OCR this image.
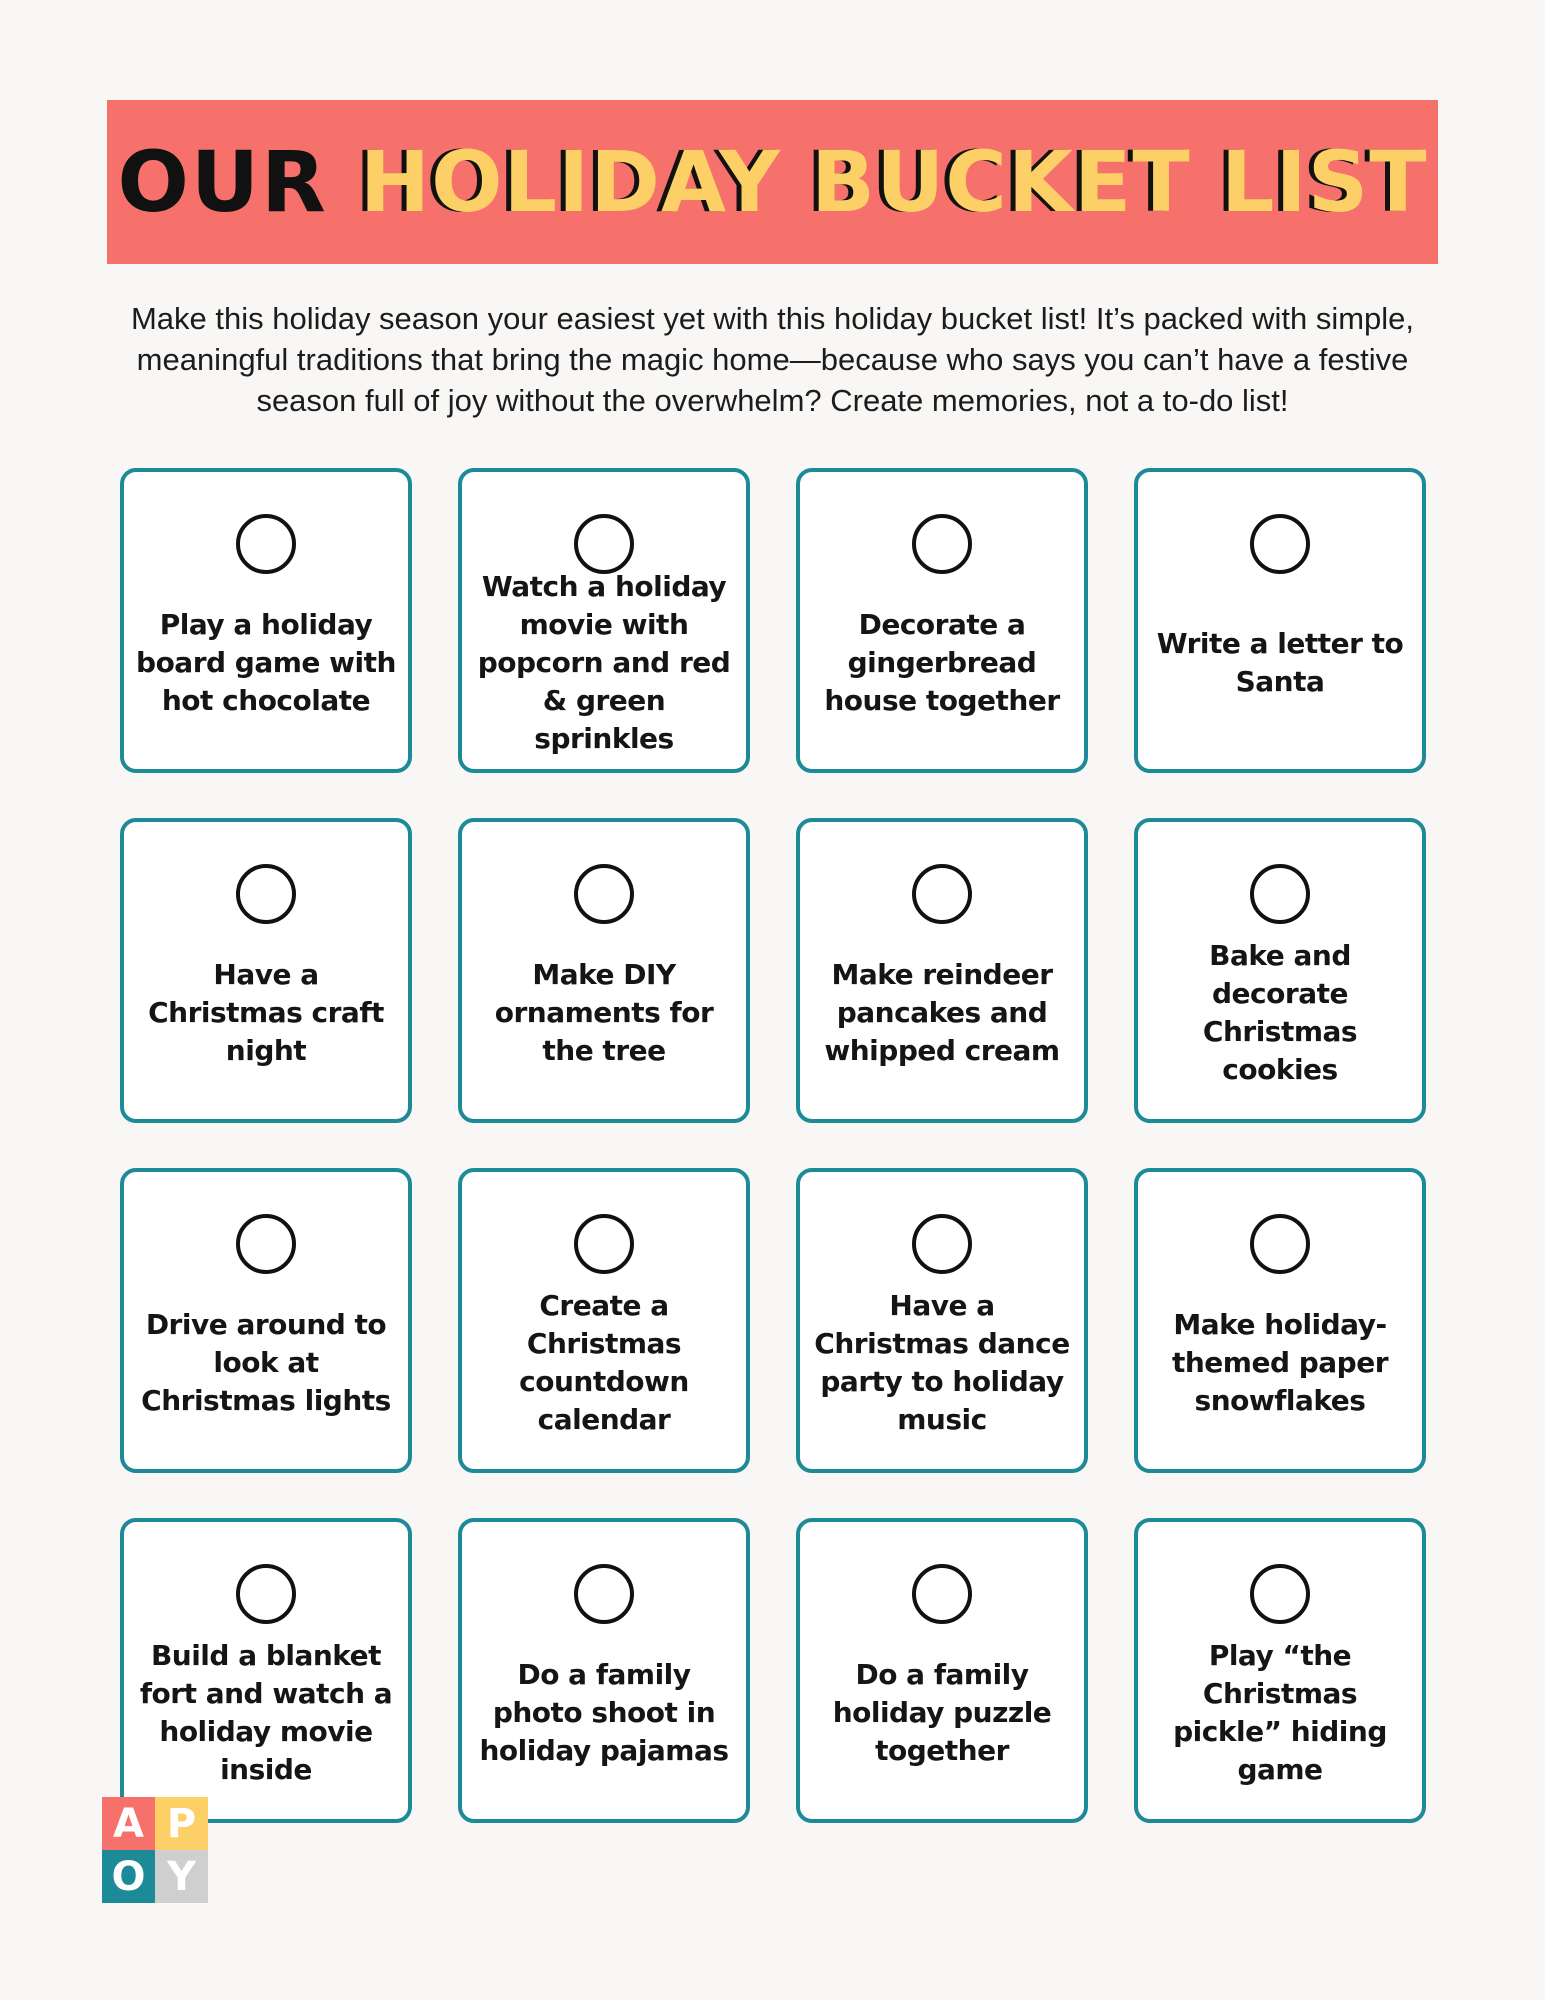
OUR HOLIDAY BUCKET LIST

Make this holiday season your easiest yet with this holiday bucket list! It’s packed with simple, meaningful traditions that bring the magic home—because who says you can’t have a festive season full of joy without the overwhelm? Create memories, not a to-do list!

Play a holiday board game with hot chocolate
Watch a holiday movie with popcorn and red & green sprinkles
Decorate a gingerbread house together
Write a letter to Santa
Have a Christmas craft night
Make DIY ornaments for the tree
Make reindeer pancakes and whipped cream
Bake and decorate Christmas cookies
Drive around to look at Christmas lights
Create a Christmas countdown calendar
Have a Christmas dance party to holiday music
Make holiday-themed paper snowflakes
Build a blanket fort and watch a holiday movie inside
Do a family photo shoot in holiday pajamas
Do a family holiday puzzle together
Play “the Christmas pickle” hiding game
A P
O Y
